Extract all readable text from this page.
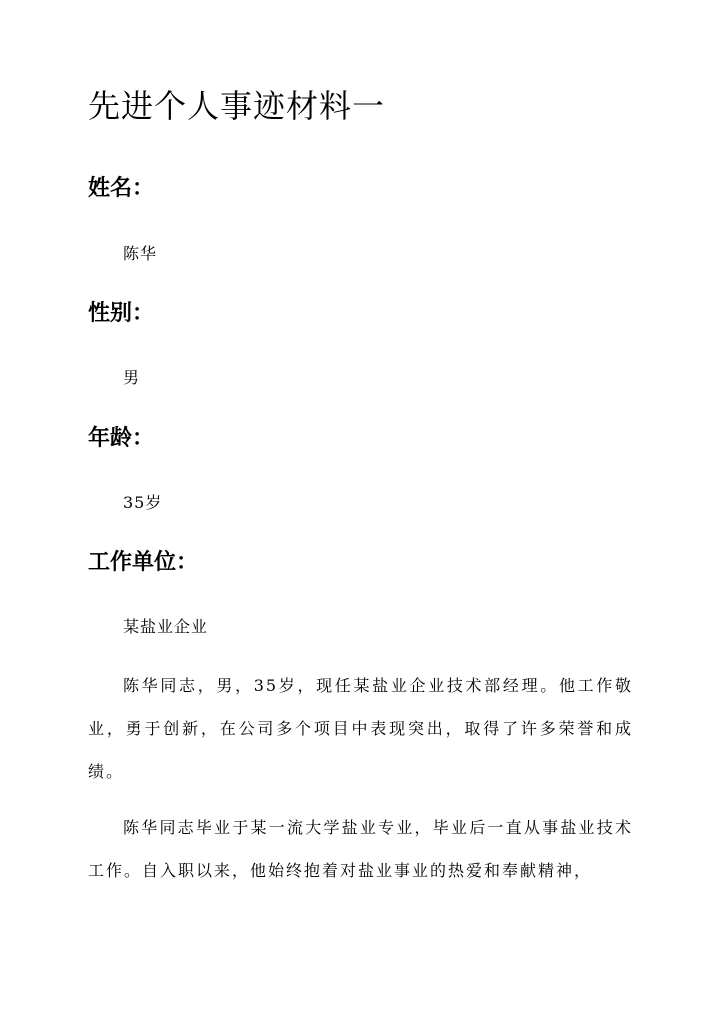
先进个人事迹材料一
姓名：

陈华

性别：

男

年龄：

35岁

工作单位：

某盐业企业

陈华同志，男，35岁，现任某盐业企业技术部经理。他工作敬业，勇于创新，在公司多个项目中表现突出，取得了许多荣誉和成绩。

陈华同志毕业于某一流大学盐业专业，毕业后一直从事盐业技术工作。自入职以来，他始终抱着对盐业事业的热爱和奉献精神，
